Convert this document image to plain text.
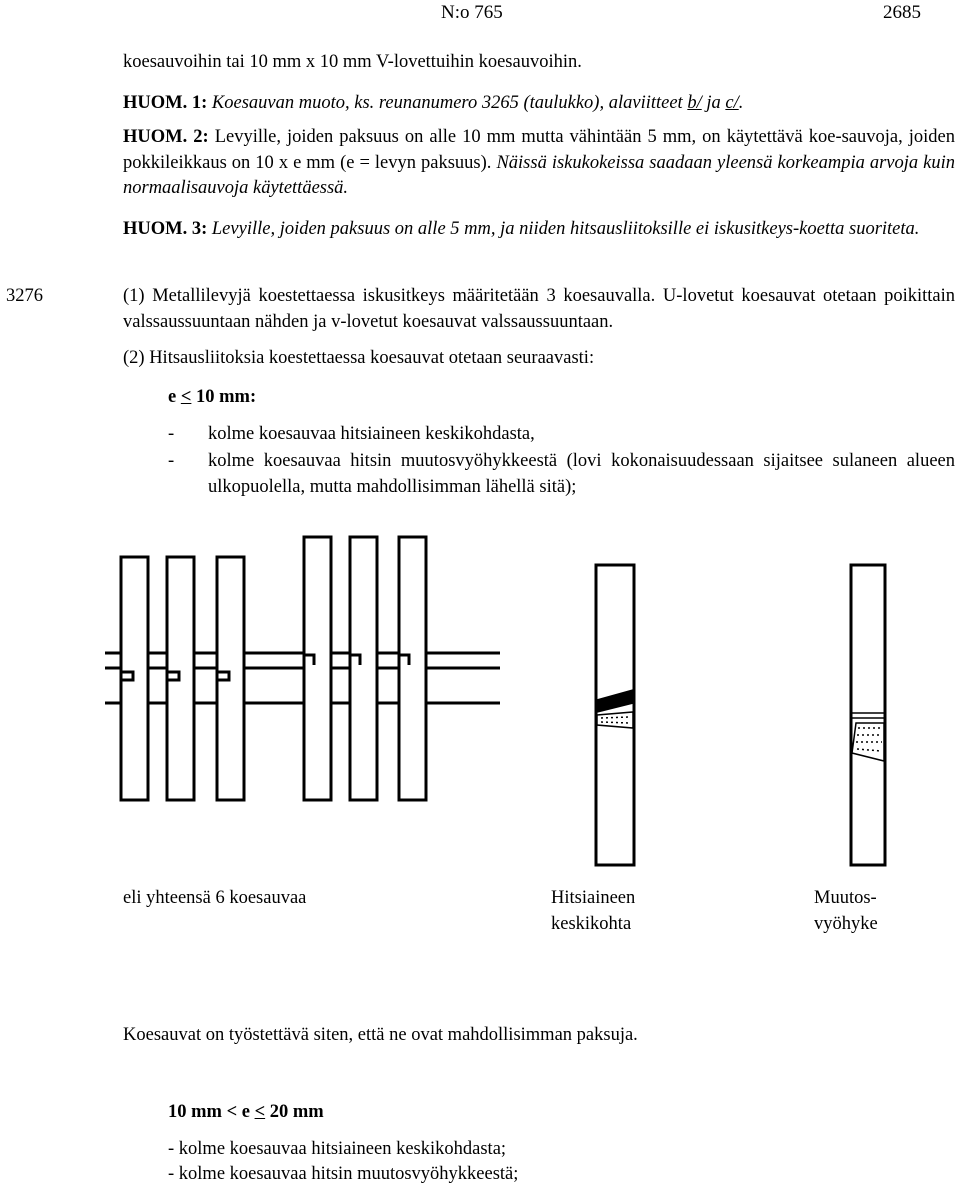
N:o 765	2685
koesauvoihin tai 10 mm x 10 mm V-lovettuihin koesauvoihin.
HUOM. 1: Koesauvan muoto, ks. reunanumero 3265 (taulukko), alaviitteet b/ ja c/.
HUOM. 2: Levyille, joiden paksuus on alle 10 mm mutta vähintään 5 mm, on käytettävä koe-sauvoja, joiden pokkileikkaus on 10 x e mm (e = levyn paksuus). Näissä iskukokeissa saadaan yleensä korkeampia arvoja kuin normaalisauvoja käytettäessä.
HUOM. 3: Levyille, joiden paksuus on alle 5 mm, ja niiden hitsausliitoksille ei iskusitkeys-koetta suoriteta.
3276	(1) Metallilevyjä koestettaessa iskusitkeys määritetään 3 koesauvalla. U-lovetut koesauvat otetaan poikittain valssaussuuntaan nähden ja v-lovetut koesauvat valssaussuuntaan.
(2) Hitsausliitoksia koestettaessa koesauvat otetaan seuraavasti:
e ≤ 10 mm:
- kolme koesauvaa hitsiaineen keskikohdasta,
- kolme koesauvaa hitsin muutosvyöhykkeestä (lovi kokonaisuudessaan sijaitsee sulaneen alueen ulkopuolella, mutta mahdollisimman lähellä sitä);
eli yhteensä 6 koesauvaa	Hitsiaineen
keskikohta
Muutos-
vyöhyke
Koesauvat on työstettävä siten, että ne ovat mahdollisimman paksuja.
10 mm < e ≤ 20 mm
- kolme koesauvaa hitsiaineen keskikohdasta;
- kolme koesauvaa hitsin muutosvyöhykkeestä;
